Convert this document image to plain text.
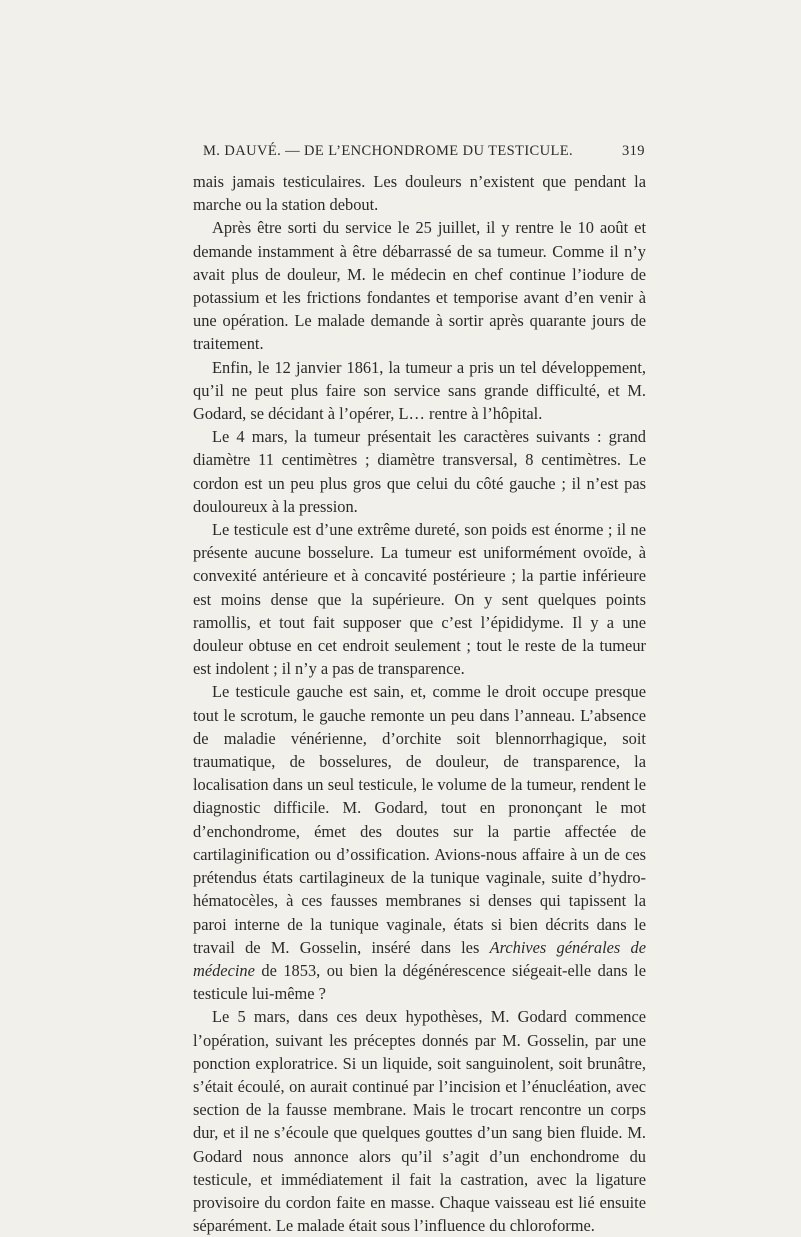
M. DAUVÉ. — DE L’ENCHONDROME DU TESTICULE.	319

mais jamais testiculaires. Les douleurs n’existent que pendant la marche ou la station debout.

Après être sorti du service le 25 juillet, il y rentre le 10 août et demande instamment à être débarrassé de sa tumeur. Comme il n’y avait plus de douleur, M. le médecin en chef continue l’iodure de potassium et les frictions fondantes et temporise avant d’en venir à une opération. Le malade demande à sortir après quarante jours de traitement.

Enfin, le 12 janvier 1861, la tumeur a pris un tel développement, qu’il ne peut plus faire son service sans grande difficulté, et M. Godard, se décidant à l’opérer, L… rentre à l’hôpital.

Le 4 mars, la tumeur présentait les caractères suivants : grand diamètre 11 centimètres ; diamètre transversal, 8 centimètres. Le cordon est un peu plus gros que celui du côté gauche ; il n’est pas douloureux à la pression.

Le testicule est d’une extrême dureté, son poids est énorme ; il ne présente aucune bosselure. La tumeur est uniformément ovoïde, à convexité antérieure et à concavité postérieure ; la partie inférieure est moins dense que la supérieure. On y sent quelques points ramollis, et tout fait supposer que c’est l’épididyme. Il y a une douleur obtuse en cet endroit seulement ; tout le reste de la tumeur est indolent ; il n’y a pas de transparence.

Le testicule gauche est sain, et, comme le droit occupe presque tout le scrotum, le gauche remonte un peu dans l’anneau. L’absence de maladie vénérienne, d’orchite soit blennorrhagique, soit traumatique, de bosselures, de douleur, de transparence, la localisation dans un seul testicule, le volume de la tumeur, rendent le diagnostic difficile. M. Godard, tout en prononçant le mot d’enchondrome, émet des doutes sur la partie affectée de cartilaginification ou d’ossification. Avions-nous affaire à un de ces prétendus états cartilagineux de la tunique vaginale, suite d’hydro-hématocèles, à ces fausses membranes si denses qui tapissent la paroi interne de la tunique vaginale, états si bien décrits dans le travail de M. Gosselin, inséré dans les Archives générales de médecine de 1853, ou bien la dégénérescence siégeait-elle dans le testicule lui-même ?

Le 5 mars, dans ces deux hypothèses, M. Godard commence l’opération, suivant les préceptes donnés par M. Gosselin, par une ponction exploratrice. Si un liquide, soit sanguinolent, soit brunâtre, s’était écoulé, on aurait continué par l’incision et l’énucléation, avec section de la fausse membrane. Mais le trocart rencontre un corps dur, et il ne s’écoule que quelques gouttes d’un sang bien fluide. M. Godard nous annonce alors qu’il s’agit d’un enchondrome du testicule, et immédiatement il fait la castration, avec la ligature provisoire du cordon faite en masse. Chaque vaisseau est lié ensuite séparément. Le malade était sous l’influence du chloroforme.
